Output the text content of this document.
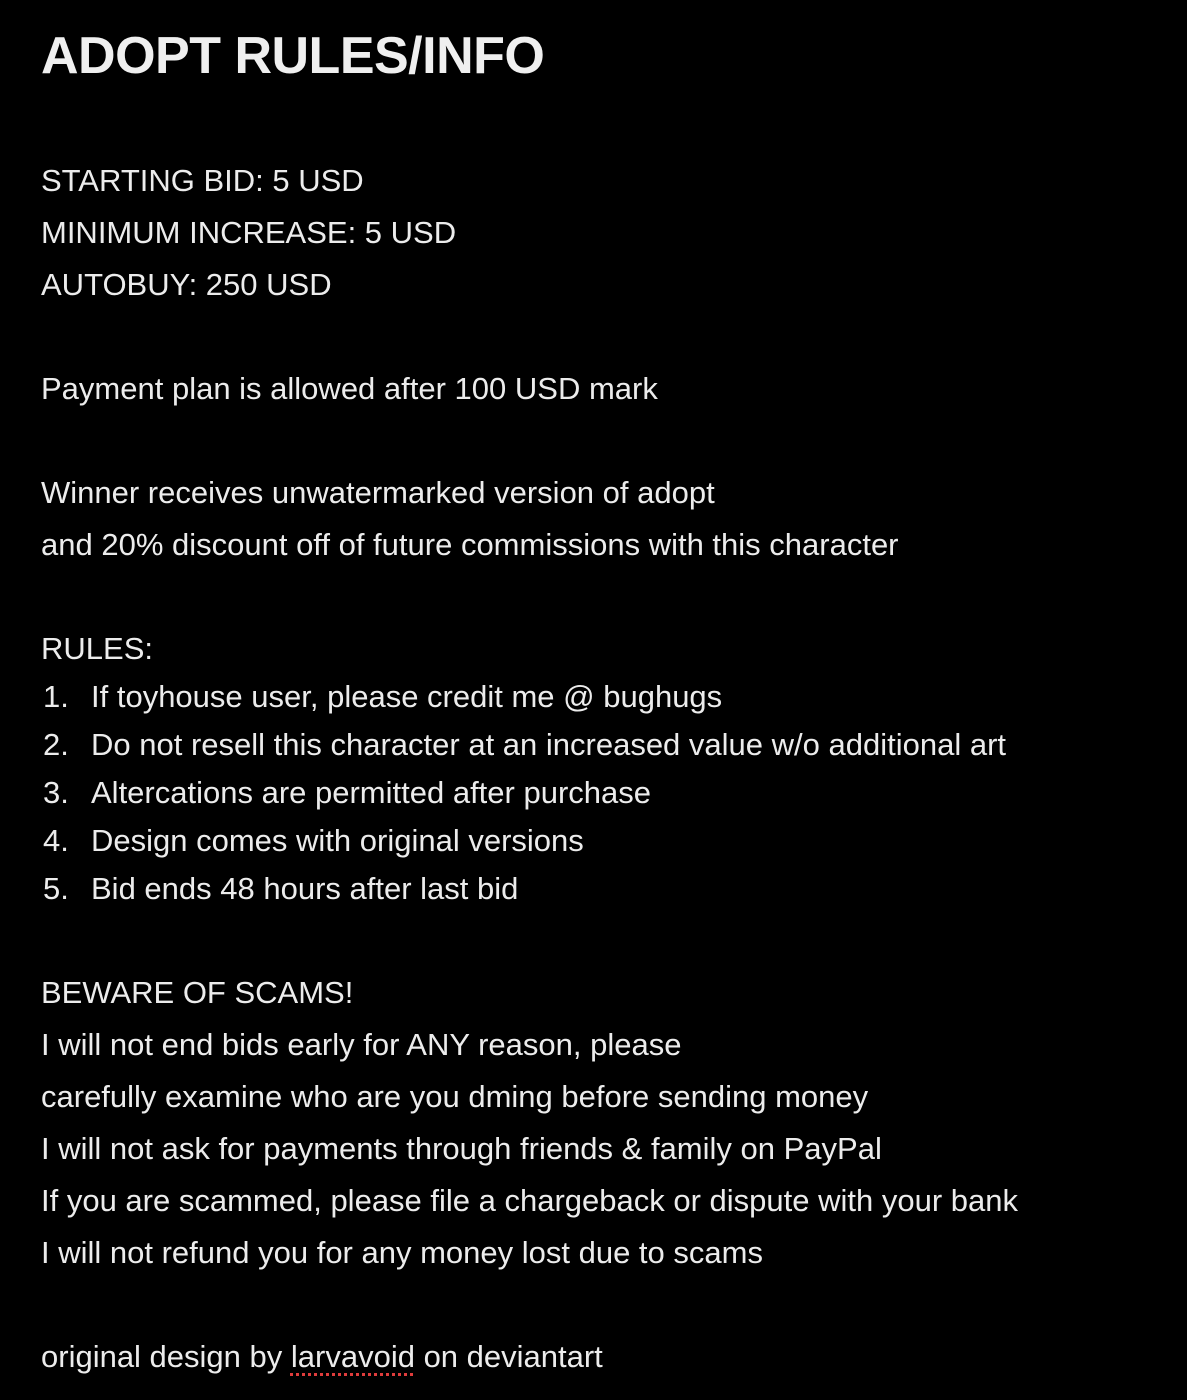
ADOPT RULES/INFO
STARTING BID: 5 USD
MINIMUM INCREASE: 5 USD
AUTOBUY: 250 USD
Payment plan is allowed after 100 USD mark
Winner receives unwatermarked version of adopt
and 20% discount off of future commissions with this character
RULES:
1. If toyhouse user, please credit me @ bughugs
2. Do not resell this character at an increased value w/o additional art
3. Altercations are permitted after purchase
4. Design comes with original versions
5. Bid ends 48 hours after last bid
BEWARE OF SCAMS!
I will not end bids early for ANY reason, please
carefully examine who are you dming before sending money
I will not ask for payments through friends & family on PayPal
If you are scammed, please file a chargeback or dispute with your bank
I will not refund you for any money lost due to scams
original design by larvavoid on deviantart
